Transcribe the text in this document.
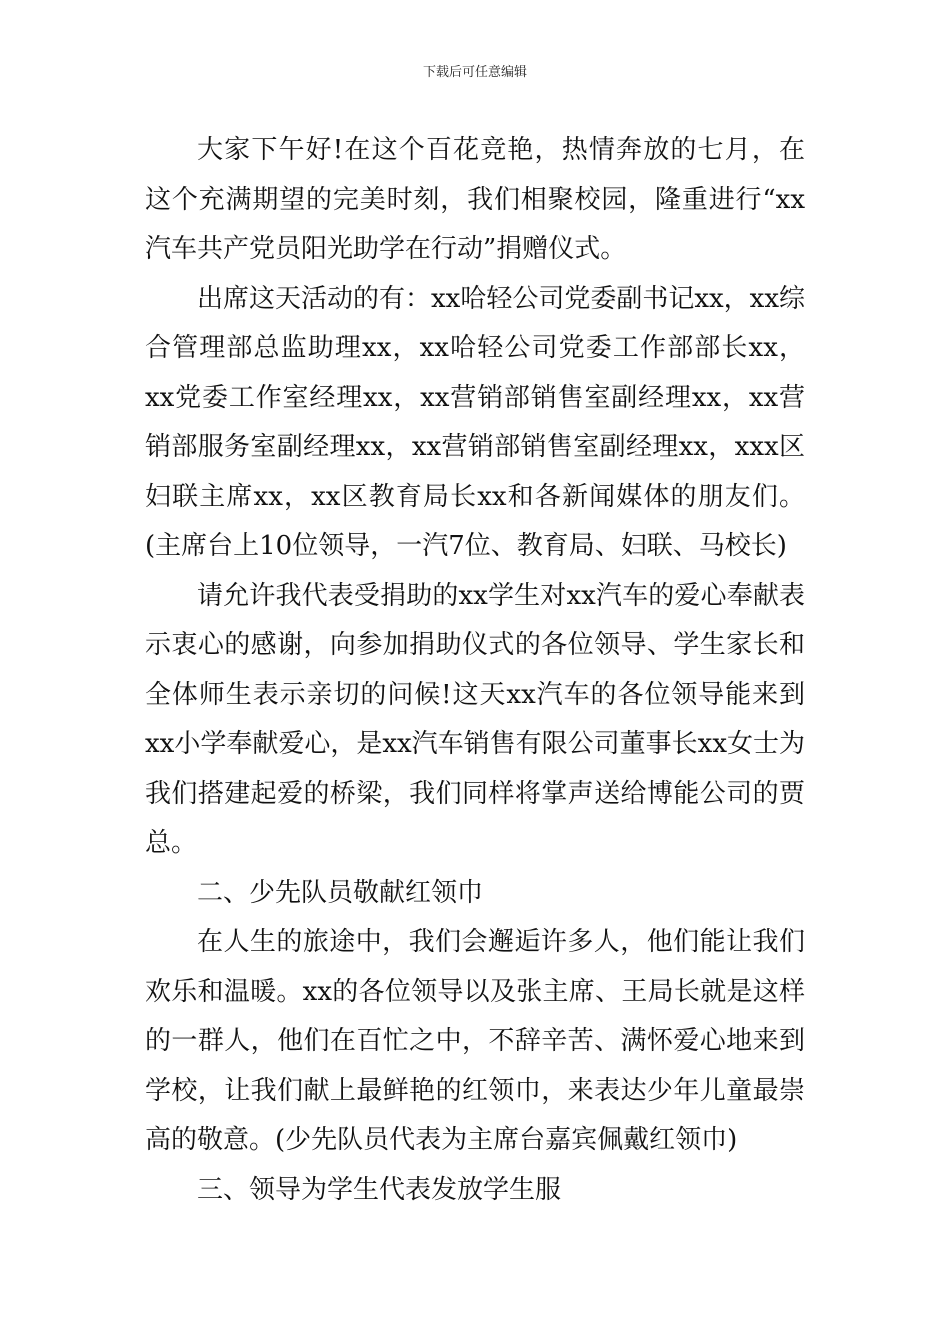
下载后可任意编辑

大家下午好!在这个百花竞艳，热情奔放的七月，在这个充满期望的完美时刻，我们相聚校园，隆重进行“xx汽车共产党员阳光助学在行动”捐赠仪式。

出席这天活动的有：xx哈轻公司党委副书记xx，xx综合管理部总监助理xx，xx哈轻公司党委工作部部长xx，xx党委工作室经理xx，xx营销部销售室副经理xx，xx营销部服务室副经理xx，xx营销部销售室副经理xx，xxx区妇联主席xx，xx区教育局长xx和各新闻媒体的朋友们。(主席台上10位领导，一汽7位、教育局、妇联、马校长)

请允许我代表受捐助的xx学生对xx汽车的爱心奉献表示衷心的感谢，向参加捐助仪式的各位领导、学生家长和全体师生表示亲切的问候!这天xx汽车的各位领导能来到xx小学奉献爱心，是xx汽车销售有限公司董事长xx女士为我们搭建起爱的桥梁，我们同样将掌声送给博能公司的贾总。

二、少先队员敬献红领巾

在人生的旅途中，我们会邂逅许多人，他们能让我们欢乐和温暖。xx的各位领导以及张主席、王局长就是这样的一群人，他们在百忙之中，不辞辛苦、满怀爱心地来到学校，让我们献上最鲜艳的红领巾，来表达少年儿童最崇高的敬意。(少先队员代表为主席台嘉宾佩戴红领巾)

三、领导为学生代表发放学生服
